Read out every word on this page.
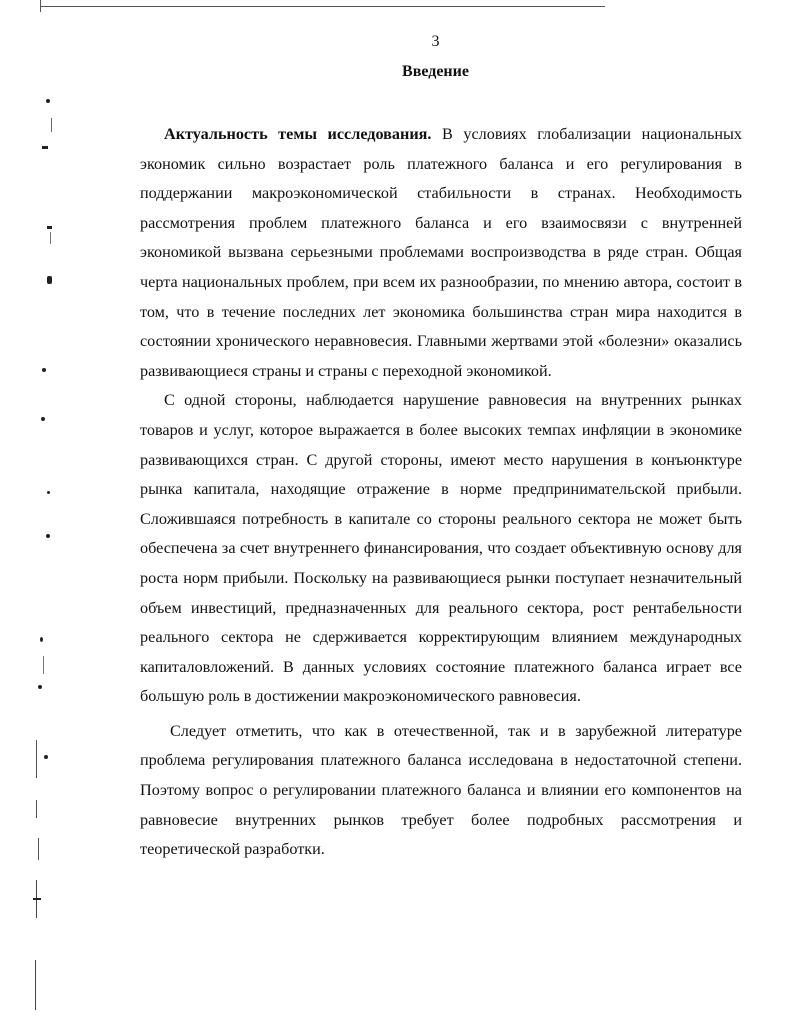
3
Введение

Актуальность темы исследования. В условиях глобализации национальных экономик сильно возрастает роль платежного баланса и его регулирования в поддержании макроэкономической стабильности в странах. Необходимость рассмотрения проблем платежного баланса и его взаимосвязи с внутренней экономикой вызвана серьезными проблемами воспроизводства в ряде стран. Общая черта национальных проблем, при всем их разнообразии, по мнению автора, состоит в том, что в течение последних лет экономика большинства стран мира находится в состоянии хронического неравновесия. Главными жертвами этой «болезни» оказались развивающиеся страны и страны с переходной экономикой.

С одной стороны, наблюдается нарушение равновесия на внутренних рынках товаров и услуг, которое выражается в более высоких темпах инфляции в экономике развивающихся стран. С другой стороны, имеют место нарушения в конъюнктуре рынка капитала, находящие отражение в норме предпринимательской прибыли. Сложившаяся потребность в капитале со стороны реального сектора не может быть обеспечена за счет внутреннего финансирования, что создает объективную основу для роста норм прибыли. Поскольку на развивающиеся рынки поступает незначительный объем инвестиций, предназначенных для реального сектора, рост рентабельности реального сектора не сдерживается корректирующим влиянием международных капиталовложений. В данных условиях состояние платежного баланса играет все большую роль в достижении макроэкономического равновесия.

Следует отметить, что как в отечественной, так и в зарубежной литературе проблема регулирования платежного баланса исследована в недостаточной степени. Поэтому вопрос о регулировании платежного баланса и влиянии его компонентов на равновесие внутренних рынков требует более подробных рассмотрения и теоретической разработки.
